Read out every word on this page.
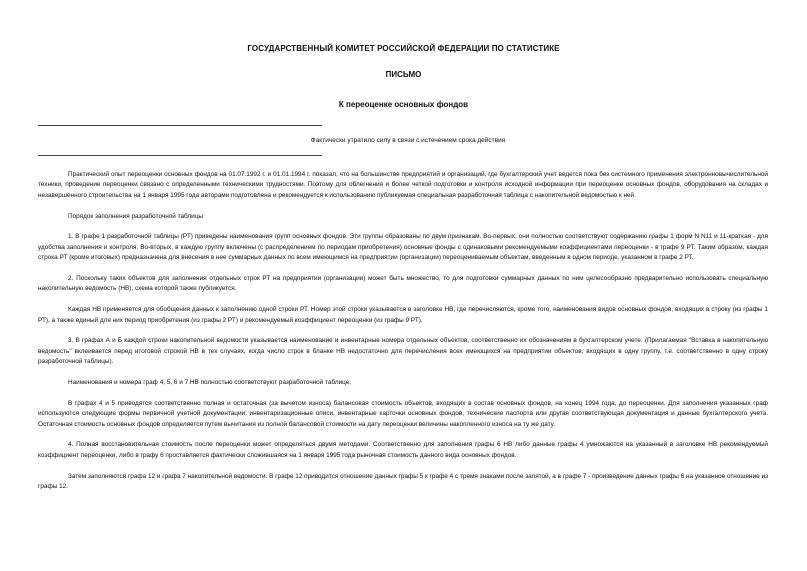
ГОСУДАРСТВЕННЫЙ КОМИТЕТ РОССИЙСКОЙ ФЕДЕРАЦИИ ПО СТАТИСТИКЕ
ПИСЬМО
К переоценке основных фондов
Фактически утратило силу в связи с истечением срока действия

Практический опыт переоценки основных фондов на 01.07.1992 г. и 01.01.1994 г. показал, что на большинстве предприятий и организаций, где бухгалтерский учет ведется пока без системного применения электронновычислительной техники, проведение переоценки связано с определенными техническими трудностями. Поэтому для облегчения и более четкой подготовки и контроля исходной информации при переоценке основных фондов, оборудования на складах и незавершенного строительства на 1 января 1995 года авторами подготовлена и рекомендуется к использованию публикуемая специальная разработочная таблица с накопительной ведомостью к ней.

Порядок заполнения разработочной таблицы

1. В графе 1 разработочной таблицы (РТ) приведены наименования групп основных фондов. Эти группы образованы по двум признакам. Во-первых, они полностью соответствуют содержанию графы 1 форм N N11 и 11-краткая - для удобства заполнения и контроля. Во-вторых, в каждую группу включены (с распределением по периодам приобретения) основные фонды с одинаковыми рекомендуемыми коэффициентами переоценки - в графе 9 РТ. Таким образом, каждая строка РТ (кроме итоговых) предназначена для внесения в нее суммарных данных по всем имеющимся на предприятии (организации) переоцениваемым объектам, введенным в одном периоде, указанном в графе 2 РТ.

2. Поскольку таких объектов для заполнения отдельных строк РТ на предприятии (организации) может быть множество, то для подготовки суммарных данных по ним целесообразно предварительно использовать специальную накопительную ведомость (НВ), схема которой также публикуется.

Каждая НВ применяется для обобщения данных к заполнению одной строки РТ. Номер этой строки указывается в заголовке НВ, где перечисляются, кроме того, наименования видов основных фондов, входящих в строку (из графы 1 РТ), а также единый для них период приобретения (из графы 2 РТ) и рекомендуемый коэффициент переоценки (из графы 9 РТ).

3. В графах А и Б каждой строки накопительной ведомости указывается наименование и инвентарные номера отдельных объектов, соответственно их обозначениям в бухгалтерском учете. (Прилагаемая "Вставка в накопительную ведомость" вклеивается перед итоговой строкой НВ в тех случаях, когда число строк в бланке НВ недостаточно для перечисления всех имеющихся на предприятии объектов, входящих в одну группу, т.е. соответственно в одну строку разработочной таблицы).

Наименования и номера граф 4, 5, 6 и 7 НВ полностью соответствуют разработочной таблице.

В графах 4 и 5 приводятся соответственно полная и остаточная (за вычетом износа) балансовая стоимость объектов, входящих в состав основных фондов, на конец 1994 года, до переоценки. Для заполнения указанных граф используются следующие формы первичной учетной документации: инвентаризационные описи, инвентарные карточки основных фондов, технические паспорта или другая соответствующая документация и данные бухгалтерского учета. Остаточная стоимость основных фондов определяется путем вычитания из полной балансовой стоимости на дату переоценки величины накопленного износа на ту же дату.

4. Полная восстановительная стоимость после переоценки может определяться двумя методами. Соответственно для заполнения графы 6 НВ либо данные графы 4 умножаются на указанный в заголовке НВ рекомендуемый коэффициент переоценки, либо в графу 6 проставляется фактически сложившаяся на 1 января 1995 года рыночная стоимость данного вида основных фондов.

Затем заполняются графа 12 и графа 7 накопительной ведомости. В графе 12 приводится отношение данных графы 5 к графе 4 с тремя знаками после запятой, а в графе 7 - произведение данных графы 6 на указанное отношение из графы 12.
